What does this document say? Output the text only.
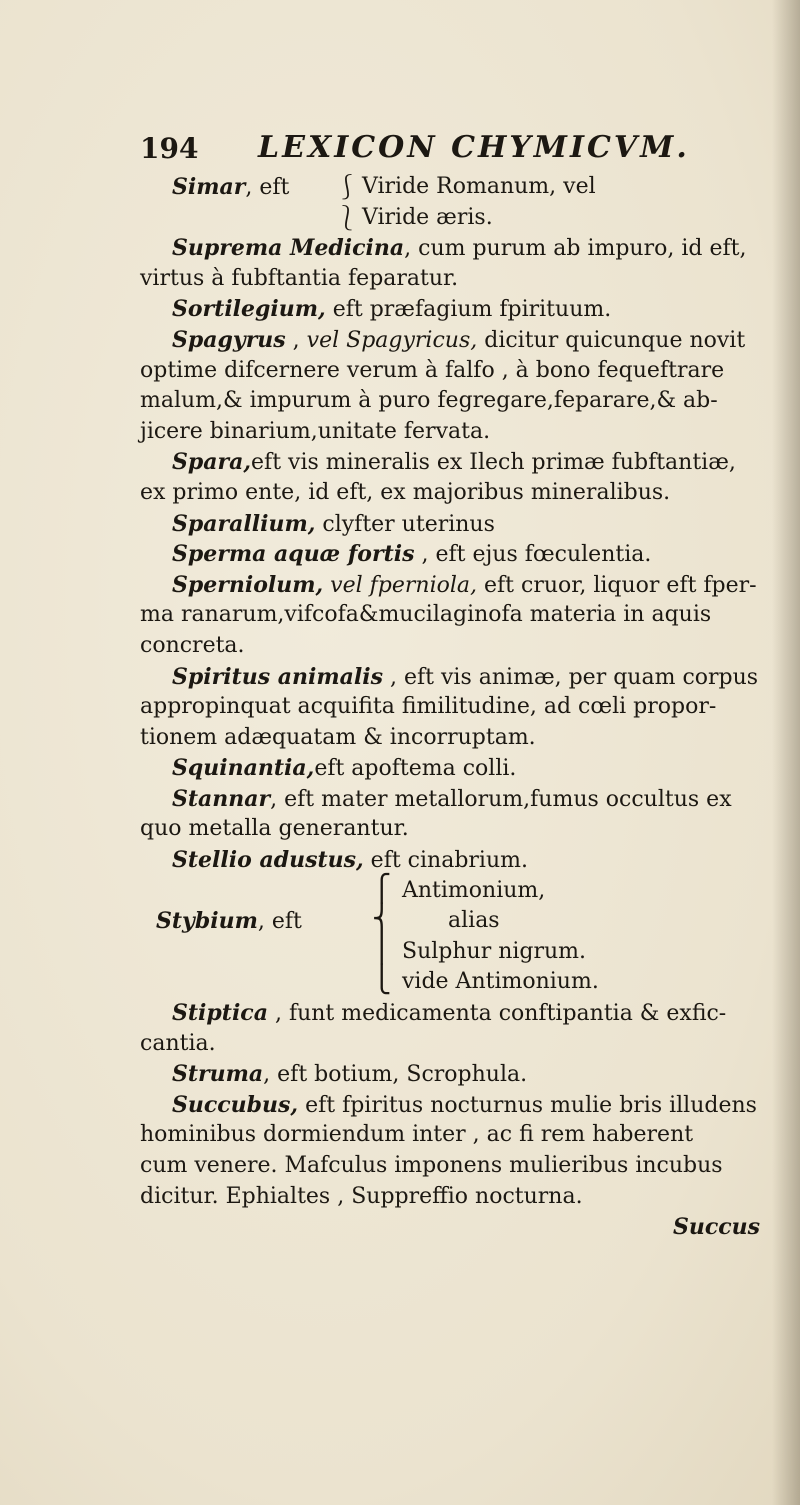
194 LEXICON CHYMICVM.
Simar, eft ⎰ Viride Romanum, vel
⎱ Viride æris.
Suprema Medicina, cum purum ab impuro, id eft,
virtus à fubftantia feparatur.
Sortilegium, eft præfagium fpirituum.
Spagyrus , vel Spagyricus, dicitur quicunque novit
optime difcernere verum à falfo , à bono fequeftrare
malum,& impurum à puro fegregare,feparare,& ab-
jicere binarium,unitate fervata.
Spara,eft vis mineralis ex Ilech primæ fubftantiæ,
ex primo ente, id eft, ex majoribus mineralibus.
Sparallium, clyfter uterinus
Sperma aquæ fortis , eft ejus fœculentia.
Sperniolum, vel fperniola, eft cruor, liquor eft fper-
ma ranarum,vifcofa&mucilaginofa materia in aquis
concreta.
Spiritus animalis , eft vis animæ, per quam corpus
appropinquat acquifita fimilitudine, ad cœli propor-
tionem adæquatam & incorruptam.
Squinantia,eft apoftema colli.
Stannar, eft mater metallorum,fumus occultus ex
quo metalla generantur.
Stellio adustus, eft cinabrium.
⎧ Antimonium,
Stybium, eft	⎨	alias
⎪ Sulphur nigrum.
⎩ vide Antimonium.
Stiptica , funt medicamenta conftipantia & exfic-
cantia.
Struma, eft botium, Scrophula.
Succubus, eft fpiritus nocturnus mulie bris illudens
hominibus dormiendum inter , ac fi rem haberent
cum venere. Mafculus imponens mulieribus incubus
dicitur. Ephialtes , Suppreffio nocturna.
Succus
